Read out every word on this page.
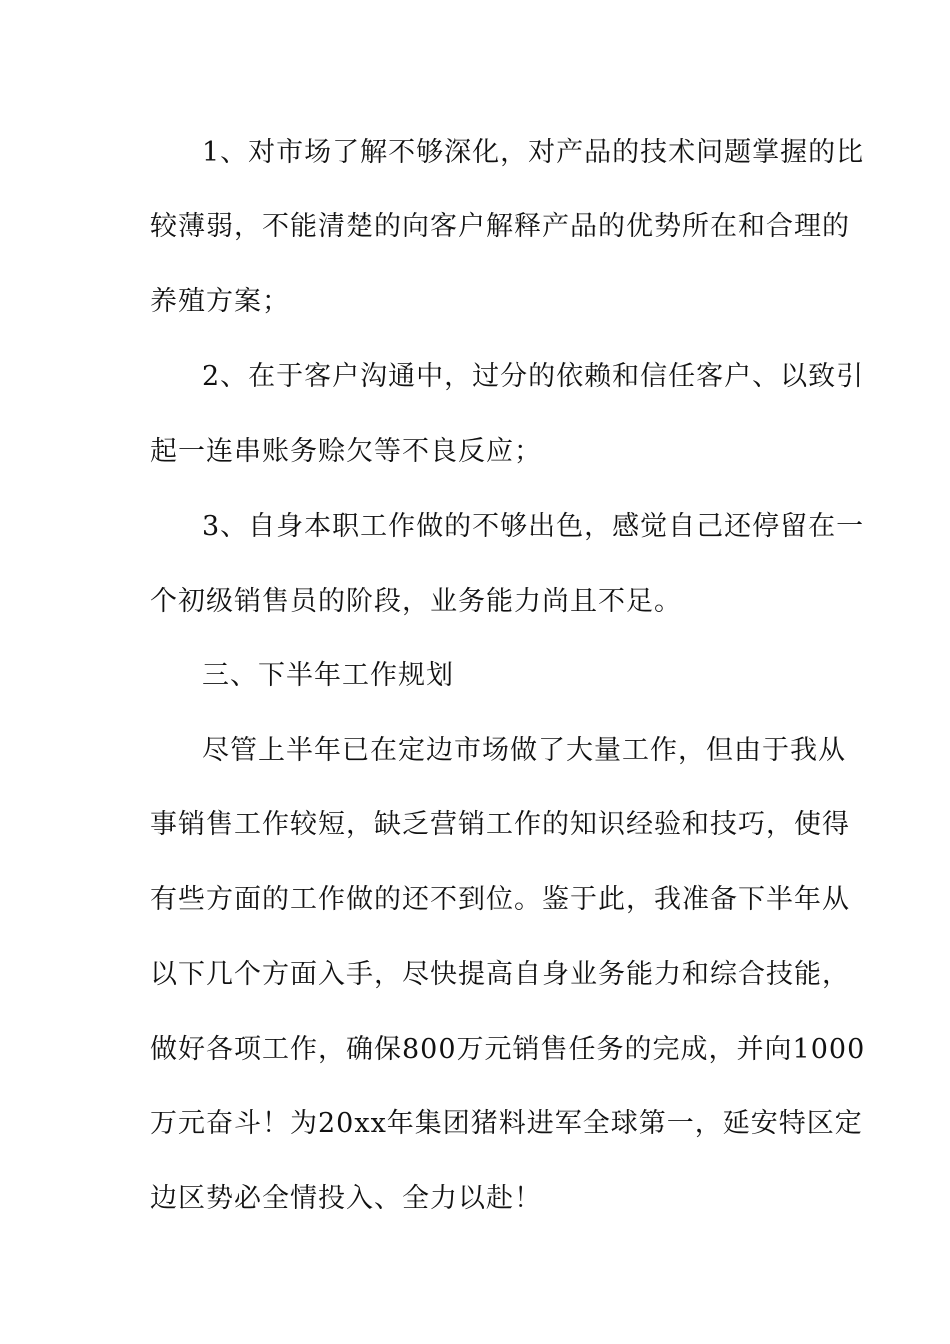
1、对市场了解不够深化，对产品的技术问题掌握的比
较薄弱，不能清楚的向客户解释产品的优势所在和合理的
养殖方案；
2、在于客户沟通中，过分的依赖和信任客户、以致引
起一连串账务赊欠等不良反应；
3、自身本职工作做的不够出色，感觉自己还停留在一
个初级销售员的阶段，业务能力尚且不足。
三、下半年工作规划
尽管上半年已在定边市场做了大量工作，但由于我从
事销售工作较短，缺乏营销工作的知识经验和技巧，使得
有些方面的工作做的还不到位。鉴于此，我准备下半年从
以下几个方面入手，尽快提高自身业务能力和综合技能，
做好各项工作，确保800万元销售任务的完成，并向1000
万元奋斗！为20xx年集团猪料进军全球第一，延安特区定
边区势必全情投入、全力以赴！
